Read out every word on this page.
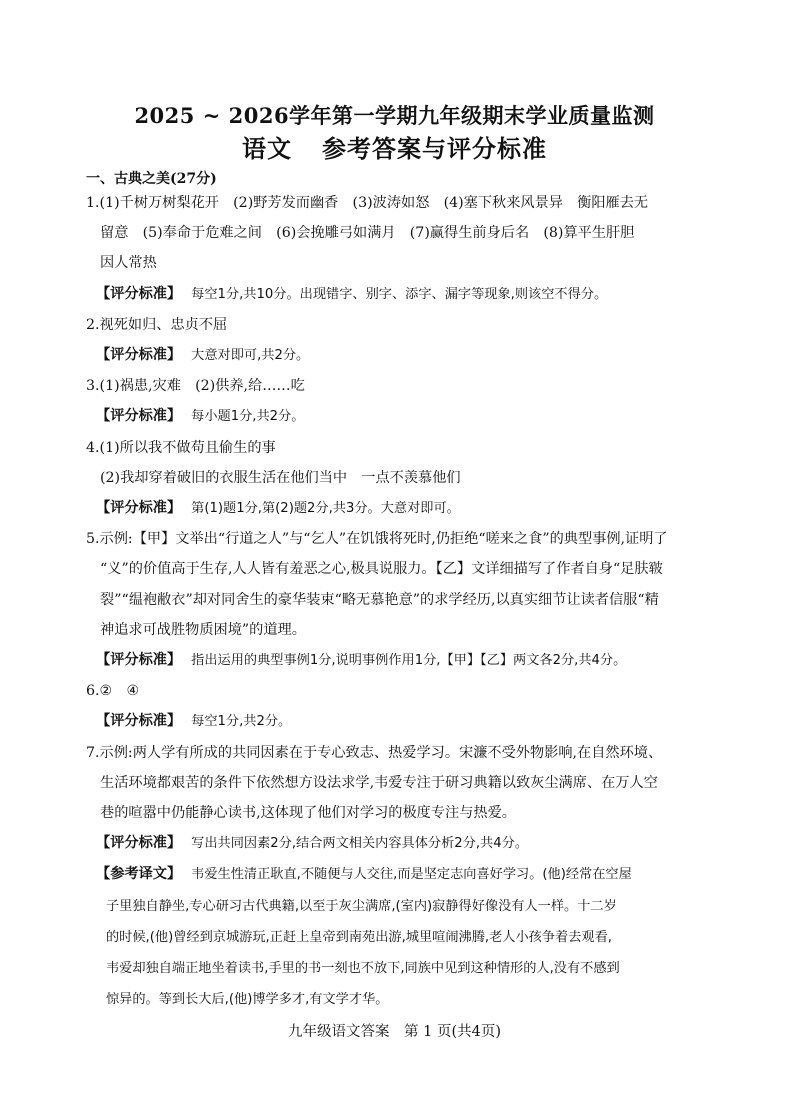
2025 ~ 2026学年第一学期九年级期末学业质量监测
语文 参考答案与评分标准
一、古典之美(27分)
1.(1)千树万树梨花开　(2)野芳发而幽香　(3)波涛如怒　(4)塞下秋来风景异　衡阳雁去无
留意　(5)奉命于危难之间　(6)会挽雕弓如满月　(7)赢得生前身后名　(8)算平生肝胆
因人常热
【评分标准】 每空1分,共10分。出现错字、别字、添字、漏字等现象,则该空不得分。
2.视死如归、忠贞不屈
【评分标准】 大意对即可,共2分。
3.(1)祸患,灾难　(2)供养,给……吃
【评分标准】 每小题1分,共2分。
4.(1)所以我不做苟且偷生的事
(2)我却穿着破旧的衣服生活在他们当中　一点不羡慕他们
【评分标准】 第(1)题1分,第(2)题2分,共3分。大意对即可。
5.示例:【甲】文举出“行道之人”与“乞人”在饥饿将死时,仍拒绝“嗟来之食”的典型事例,证明了
“义”的价值高于生存,人人皆有羞恶之心,极具说服力。【乙】文详细描写了作者自身“足肤皲
裂”“缊袍敝衣”却对同舍生的豪华装束“略无慕艳意”的求学经历,以真实细节让读者信服“精
神追求可战胜物质困境”的道理。
【评分标准】 指出运用的典型事例1分,说明事例作用1分,【甲】【乙】两文各2分,共4分。
6.②　④
【评分标准】 每空1分,共2分。
7.示例:两人学有所成的共同因素在于专心致志、热爱学习。宋濂不受外物影响,在自然环境、
生活环境都艰苦的条件下依然想方设法求学,韦爱专注于研习典籍以致灰尘满席、在万人空
巷的喧嚣中仍能静心读书,这体现了他们对学习的极度专注与热爱。
【评分标准】 写出共同因素2分,结合两文相关内容具体分析2分,共4分。
【参考译文】 韦爱生性清正耿直,不随便与人交往,而是坚定志向喜好学习。(他)经常在空屋
子里独自静坐,专心研习古代典籍,以至于灰尘满席,(室内)寂静得好像没有人一样。十二岁
的时候,(他)曾经到京城游玩,正赶上皇帝到南苑出游,城里喧闹沸腾,老人小孩争着去观看,
韦爱却独自端正地坐着读书,手里的书一刻也不放下,同族中见到这种情形的人,没有不感到
惊异的。等到长大后,(他)博学多才,有文学才华。
九年级语文答案　第 1 页(共4页)
